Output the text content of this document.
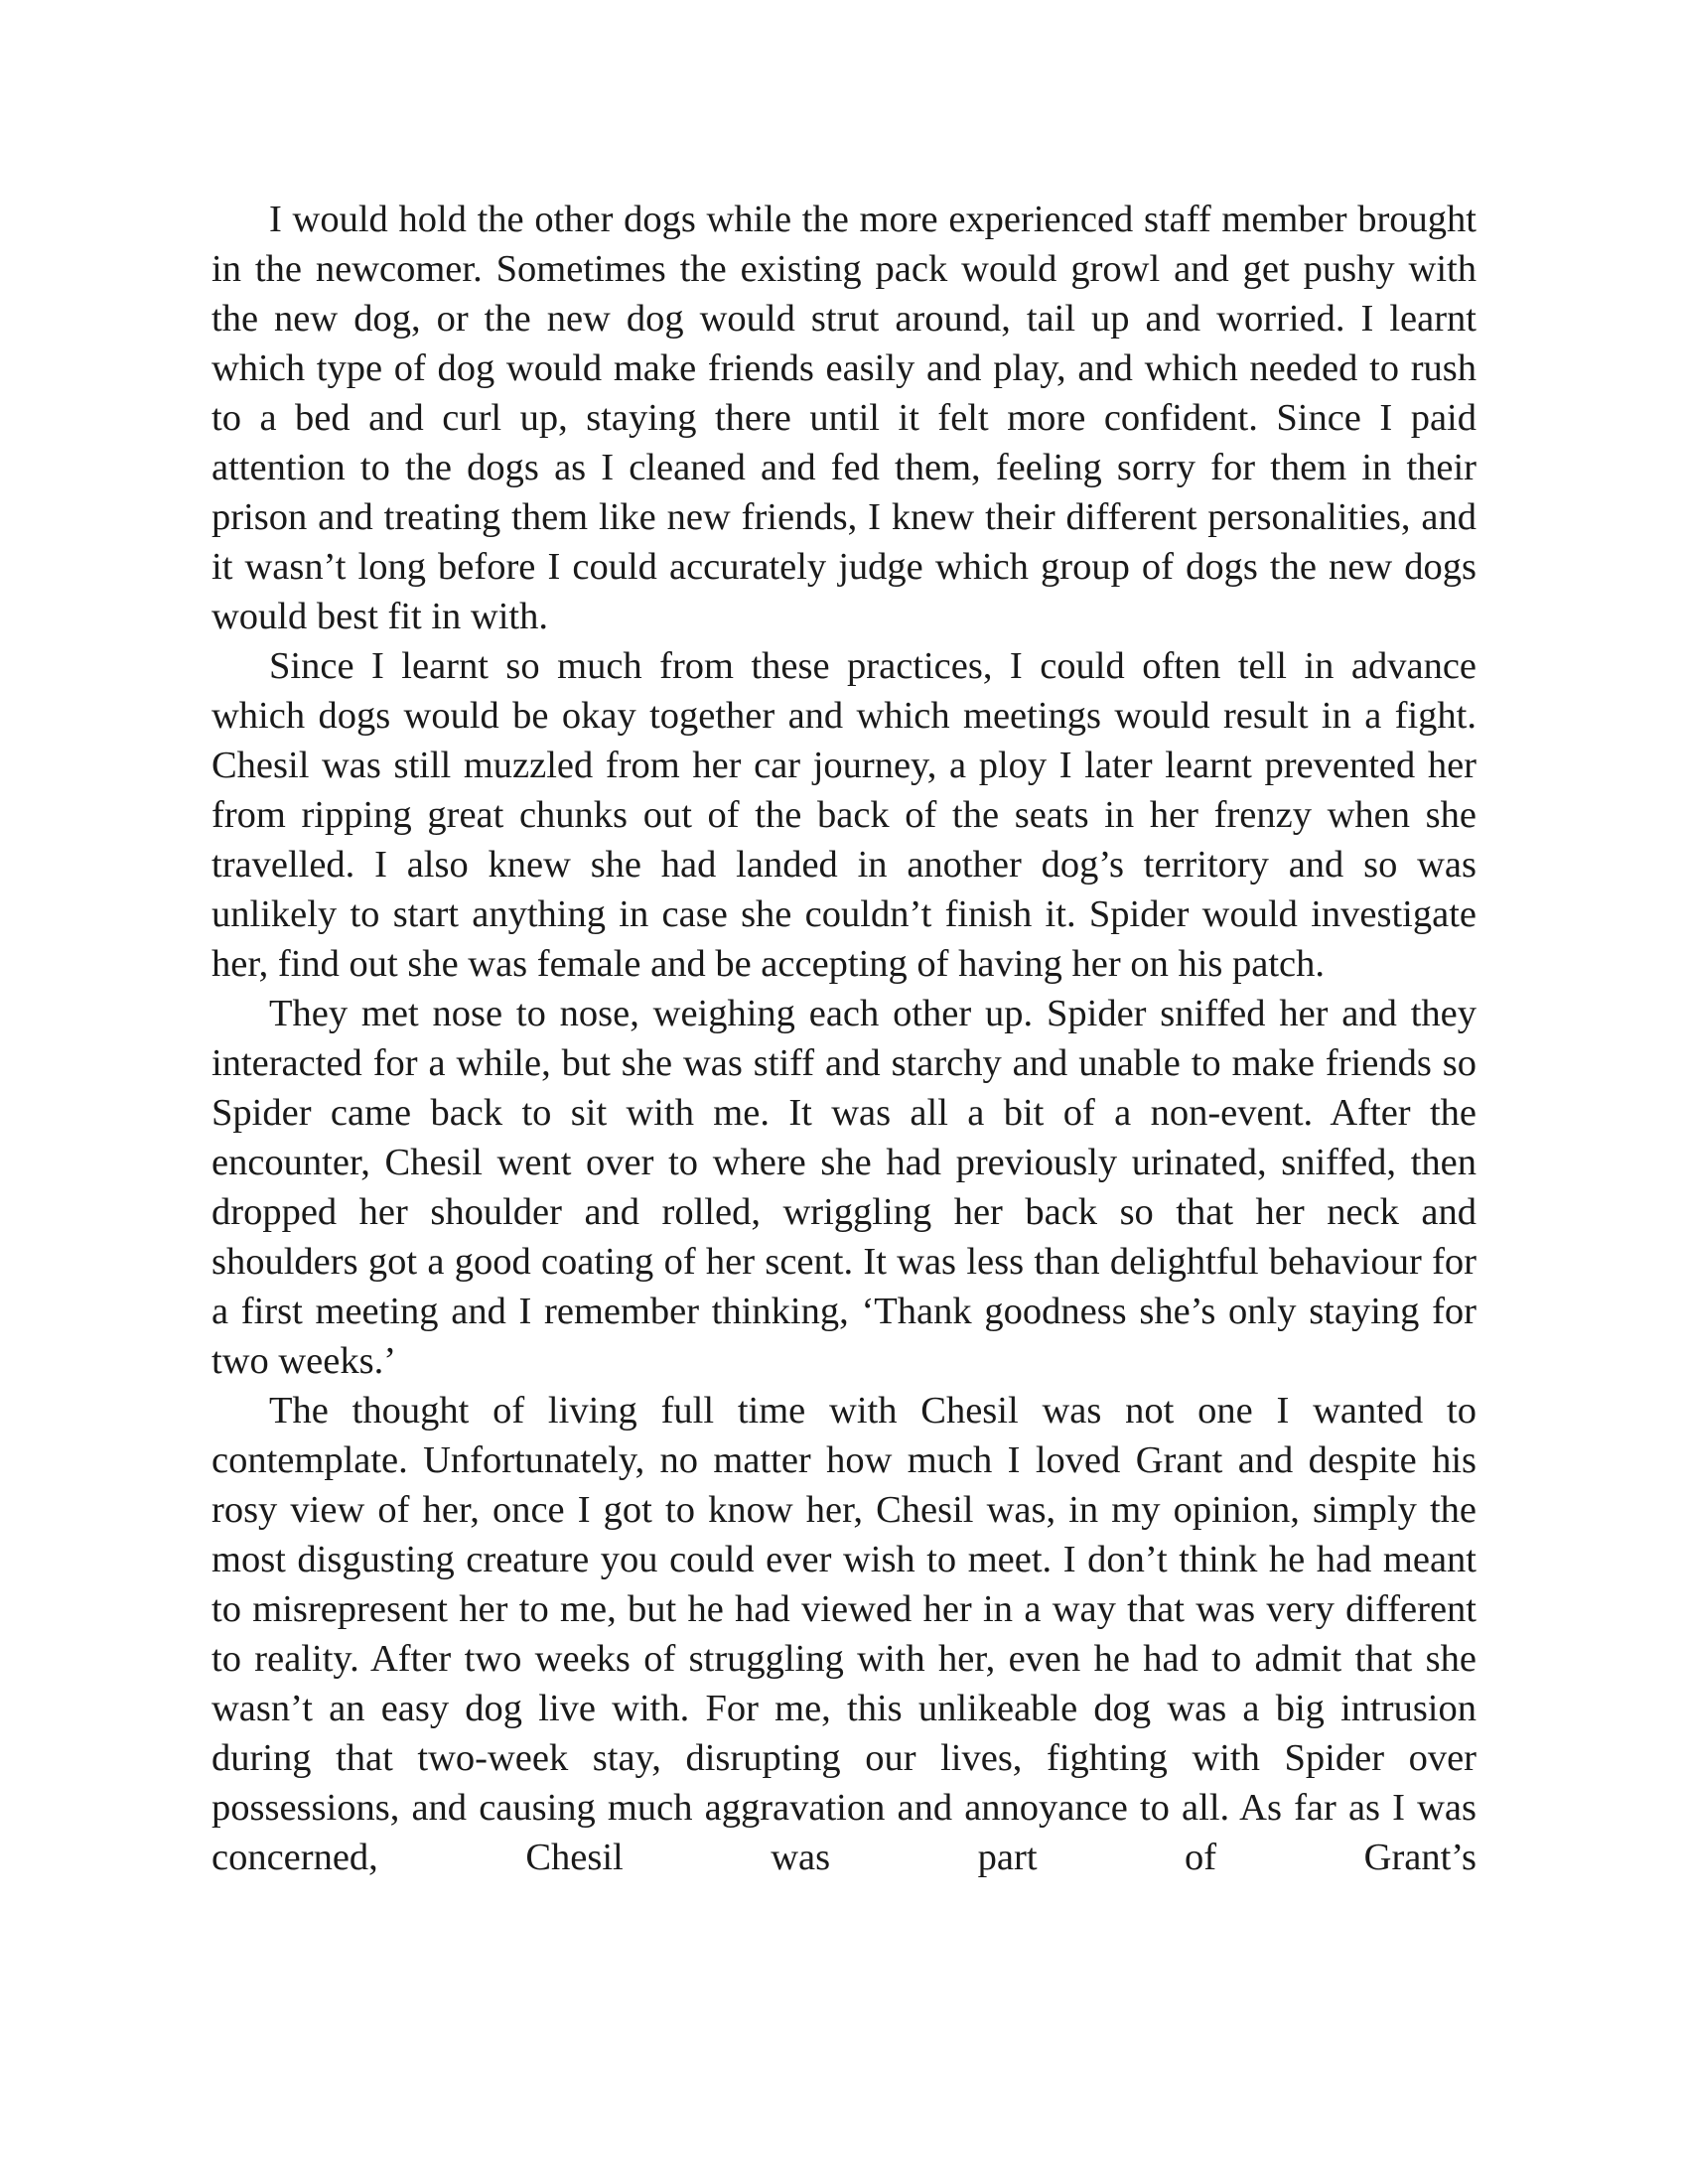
I would hold the other dogs while the more experienced staff member brought in the newcomer. Sometimes the existing pack would growl and get pushy with the new dog, or the new dog would strut around, tail up and worried. I learnt which type of dog would make friends easily and play, and which needed to rush to a bed and curl up, staying there until it felt more confident. Since I paid attention to the dogs as I cleaned and fed them, feeling sorry for them in their prison and treating them like new friends, I knew their different personalities, and it wasn’t long before I could accurately judge which group of dogs the new dogs would best fit in with.

Since I learnt so much from these practices, I could often tell in advance which dogs would be okay together and which meetings would result in a fight. Chesil was still muzzled from her car journey, a ploy I later learnt prevented her from ripping great chunks out of the back of the seats in her frenzy when she travelled. I also knew she had landed in another dog’s territory and so was unlikely to start anything in case she couldn’t finish it. Spider would investigate her, find out she was female and be accepting of having her on his patch.

They met nose to nose, weighing each other up. Spider sniffed her and they interacted for a while, but she was stiff and starchy and unable to make friends so Spider came back to sit with me. It was all a bit of a non-event. After the encounter, Chesil went over to where she had previously urinated, sniffed, then dropped her shoulder and rolled, wriggling her back so that her neck and shoulders got a good coating of her scent. It was less than delightful behaviour for a first meeting and I remember thinking, ‘Thank goodness she’s only staying for two weeks.’

The thought of living full time with Chesil was not one I wanted to contemplate. Unfortunately, no matter how much I loved Grant and despite his rosy view of her, once I got to know her, Chesil was, in my opinion, simply the most disgusting creature you could ever wish to meet. I don’t think he had meant to misrepresent her to me, but he had viewed her in a way that was very different to reality. After two weeks of struggling with her, even he had to admit that she wasn’t an easy dog live with. For me, this unlikeable dog was a big intrusion during that two-week stay, disrupting our lives, fighting with Spider over possessions, and causing much aggravation and annoyance to all. As far as I was concerned, Chesil was part of Grant’s
